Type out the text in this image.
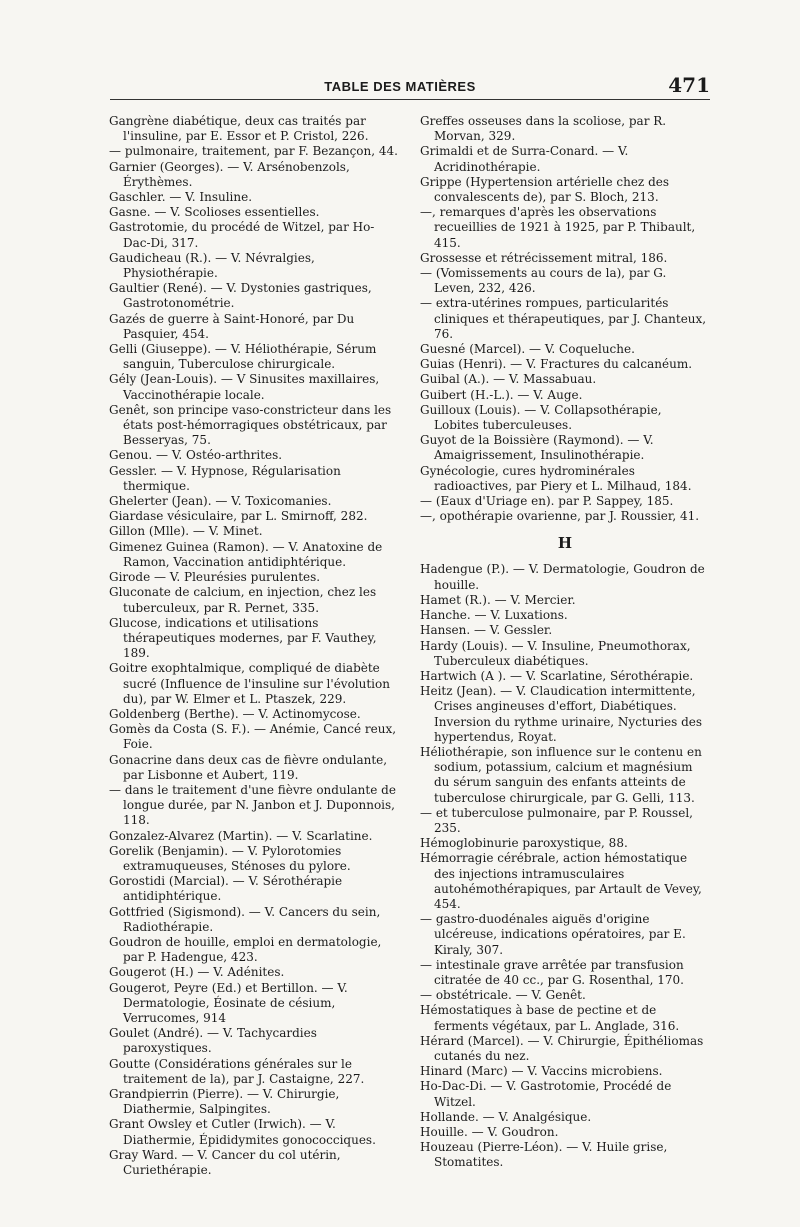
TABLE DES MATIÈRES	471

Gangrène diabétique, deux cas traités par l'insuline, par E. Essor et P. Cristol, 226.

— pulmonaire, traitement, par F. Bezançon, 44.

Garnier (Georges). — V. Arsénobenzols, Érythèmes.

Gaschler. — V. Insuline.

Gasne. — V. Scolioses essentielles.

Gastrotomie, du procédé de Witzel, par Ho-Dac-Di, 317.

Gaudicheau (R.). — V. Névralgies, Physiothérapie.

Gaultier (René). — V. Dystonies gastriques, Gastrotonométrie.

Gazés de guerre à Saint-Honoré, par Du Pasquier, 454.

Gelli (Giuseppe). — V. Héliothérapie, Sérum sanguin, Tuberculose chirurgicale.

Gély (Jean-Louis). — V Sinusites maxillaires, Vaccinothérapie locale.

Genêt, son principe vaso-constricteur dans les états post-hémorragiques obstétricaux, par Besseryas, 75.

Genou. — V. Ostéo-arthrites.

Gessler. — V. Hypnose, Régularisation thermique.

Ghelerter (Jean). — V. Toxicomanies.

Giardase vésiculaire, par L. Smirnoff, 282.

Gillon (Mlle). — V. Minet.

Gimenez Guinea (Ramon). — V. Anatoxine de Ramon, Vaccination antidiphtérique.

Girode — V. Pleurésies purulentes.

Gluconate de calcium, en injection, chez les tuberculeux, par R. Pernet, 335.

Glucose, indications et utilisations thérapeutiques modernes, par F. Vauthey, 189.

Goitre exophtalmique, compliqué de diabète sucré (Influence de l'insuline sur l'évolution du), par W. Elmer et L. Ptaszek, 229.

Goldenberg (Berthe). — V. Actinomycose.

Gomès da Costa (S. F.). — Anémie, Cancé reux, Foie.

Gonacrine dans deux cas de fièvre ondulante, par Lisbonne et Aubert, 119.

— dans le traitement d'une fièvre ondulante de longue durée, par N. Janbon et J. Duponnois, 118.

Gonzalez-Alvarez (Martin). — V. Scarlatine.

Gorelik (Benjamin). — V. Pylorotomies extramuqueuses, Sténoses du pylore.

Gorostidi (Marcial). — V. Sérothérapie antidiphtérique.

Gottfried (Sigismond). — V. Cancers du sein, Radiothérapie.

Goudron de houille, emploi en dermatologie, par P. Hadengue, 423.

Gougerot (H.) — V. Adénites.

Gougerot, Peyre (Ed.) et Bertillon. — V. Dermatologie, Éosinate de césium, Verrucomes, 914

Goulet (André). — V. Tachycardies paroxystiques.

Goutte (Considérations générales sur le traitement de la), par J. Castaigne, 227.

Grandpierrin (Pierre). — V. Chirurgie, Diathermie, Salpingites.

Grant Owsley et Cutler (Irwich). — V. Diathermie, Épididymites gonococciques.

Gray Ward. — V. Cancer du col utérin, Curiethérapie.

Greffes osseuses dans la scoliose, par R. Morvan, 329.

Grimaldi et de Surra-Conard. — V. Acridinothérapie.

Grippe (Hypertension artérielle chez des convalescents de), par S. Bloch, 213.

—, remarques d'après les observations recueillies de 1921 à 1925, par P. Thibault, 415.

Grossesse et rétrécissement mitral, 186.

— (Vomissements au cours de la), par G. Leven, 232, 426.

— extra-utérines rompues, particularités cliniques et thérapeutiques, par J. Chanteux, 76.

Guesné (Marcel). — V. Coqueluche.

Guias (Henri). — V. Fractures du calcanéum.

Guibal (A.). — V. Massabuau.

Guibert (H.-L.). — V. Auge.

Guilloux (Louis). — V. Collapsothérapie, Lobites tuberculeuses.

Guyot de la Boissière (Raymond). — V. Amaigrissement, Insulinothérapie.

Gynécologie, cures hydrominérales radioactives, par Piery et L. Milhaud, 184.

— (Eaux d'Uriage en). par P. Sappey, 185.

—, opothérapie ovarienne, par J. Roussier, 41.

H

Hadengue (P.). — V. Dermatologie, Goudron de houille.

Hamet (R.). — V. Mercier.

Hanche. — V. Luxations.

Hansen. — V. Gessler.

Hardy (Louis). — V. Insuline, Pneumothorax, Tuberculeux diabétiques.

Hartwich (A ). — V. Scarlatine, Sérothérapie.

Heitz (Jean). — V. Claudication intermittente, Crises angineuses d'effort, Diabétiques. Inversion du rythme urinaire, Nycturies des hypertendus, Royat.

Héliothérapie, son influence sur le contenu en sodium, potassium, calcium et magnésium du sérum sanguin des enfants atteints de tuberculose chirurgicale, par G. Gelli, 113.

— et tuberculose pulmonaire, par P. Roussel, 235.

Hémoglobinurie paroxystique, 88.

Hémorragie cérébrale, action hémostatique des injections intramusculaires autohémothérapiques, par Artault de Vevey, 454.

— gastro-duodénales aiguës d'origine ulcéreuse, indications opératoires, par E. Kiraly, 307.

— intestinale grave arrêtée par transfusion citratée de 40 cc., par G. Rosenthal, 170.

— obstétricale. — V. Genêt.

Hémostatiques à base de pectine et de ferments végétaux, par L. Anglade, 316.

Hérard (Marcel). — V. Chirurgie, Épithéliomas cutanés du nez.

Hinard (Marc) — V. Vaccins microbiens.

Ho-Dac-Di. — V. Gastrotomie, Procédé de Witzel.

Hollande. — V. Analgésique.

Houille. — V. Goudron.

Houzeau (Pierre-Léon). — V. Huile grise, Stomatites.
